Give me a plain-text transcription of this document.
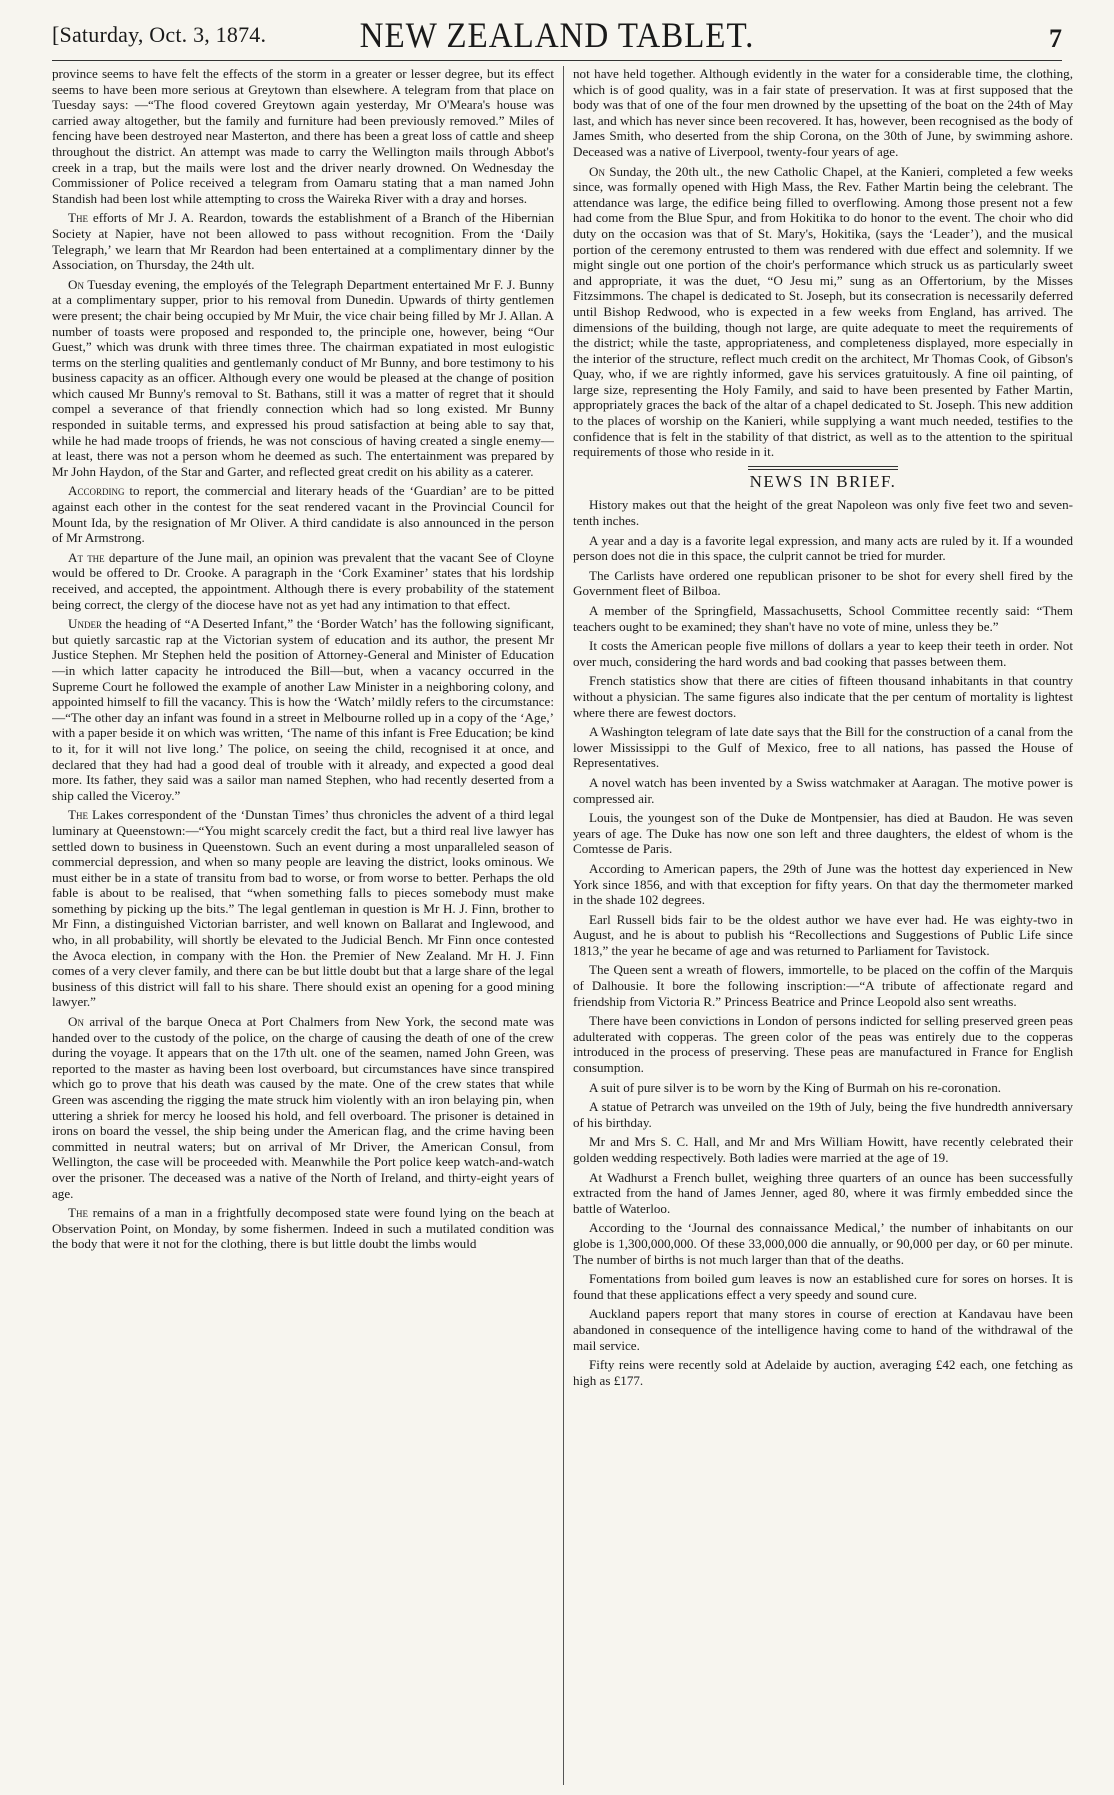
[Saturday, Oct. 3, 1874.	NEW ZEALAND TABLET.	7

province seems to have felt the effects of the storm in a greater or lesser degree, but its effect seems to have been more serious at Greytown than elsewhere. A telegram from that place on Tuesday says: —“The flood covered Greytown again yesterday, Mr O'Meara's house was carried away altogether, but the family and furniture had been previously removed.” Miles of fencing have been destroyed near Masterton, and there has been a great loss of cattle and sheep throughout the district. An attempt was made to carry the Wellington mails through Abbot's creek in a trap, but the mails were lost and the driver nearly drowned. On Wednesday the Commissioner of Police received a telegram from Oamaru stating that a man named John Standish had been lost while attempting to cross the Waireka River with a dray and horses.

The efforts of Mr J. A. Reardon, towards the establishment of a Branch of the Hibernian Society at Napier, have not been allowed to pass without recognition. From the ‘Daily Telegraph,’ we learn that Mr Reardon had been entertained at a complimentary dinner by the Association, on Thursday, the 24th ult.

On Tuesday evening, the employés of the Telegraph Department entertained Mr F. J. Bunny at a complimentary supper, prior to his removal from Dunedin. Upwards of thirty gentlemen were present; the chair being occupied by Mr Muir, the vice chair being filled by Mr J. Allan. A number of toasts were proposed and responded to, the principle one, however, being “Our Guest,” which was drunk with three times three. The chairman expatiated in most eulogistic terms on the sterling qualities and gentlemanly conduct of Mr Bunny, and bore testimony to his business capacity as an officer. Although every one would be pleased at the change of position which caused Mr Bunny's removal to St. Bathans, still it was a matter of regret that it should compel a severance of that friendly connection which had so long existed. Mr Bunny responded in suitable terms, and expressed his proud satisfaction at being able to say that, while he had made troops of friends, he was not conscious of having created a single enemy—at least, there was not a person whom he deemed as such. The entertainment was prepared by Mr John Haydon, of the Star and Garter, and reflected great credit on his ability as a caterer.

According to report, the commercial and literary heads of the ‘Guardian’ are to be pitted against each other in the contest for the seat rendered vacant in the Provincial Council for Mount Ida, by the resignation of Mr Oliver. A third candidate is also announced in the person of Mr Armstrong.

At the departure of the June mail, an opinion was prevalent that the vacant See of Cloyne would be offered to Dr. Crooke. A paragraph in the ‘Cork Examiner’ states that his lordship received, and accepted, the appointment. Although there is every probability of the statement being correct, the clergy of the diocese have not as yet had any intimation to that effect.

Under the heading of “A Deserted Infant,” the ‘Border Watch’ has the following significant, but quietly sarcastic rap at the Victorian system of education and its author, the present Mr Justice Stephen. Mr Stephen held the position of Attorney-General and Minister of Education—in which latter capacity he introduced the Bill—but, when a vacancy occurred in the Supreme Court he followed the example of another Law Minister in a neighboring colony, and appointed himself to fill the vacancy. This is how the ‘Watch’ mildly refers to the circumstance:—“The other day an infant was found in a street in Melbourne rolled up in a copy of the ‘Age,’ with a paper beside it on which was written, ‘The name of this infant is Free Education; be kind to it, for it will not live long.’ The police, on seeing the child, recognised it at once, and declared that they had had a good deal of trouble with it already, and expected a good deal more. Its father, they said was a sailor man named Stephen, who had recently deserted from a ship called the Viceroy.”

The Lakes correspondent of the ‘Dunstan Times’ thus chronicles the advent of a third legal luminary at Queenstown:—“You might scarcely credit the fact, but a third real live lawyer has settled down to business in Queenstown. Such an event during a most unparalleled season of commercial depression, and when so many people are leaving the district, looks ominous. We must either be in a state of transitu from bad to worse, or from worse to better. Perhaps the old fable is about to be realised, that “when something falls to pieces somebody must make something by picking up the bits.” The legal gentleman in question is Mr H. J. Finn, brother to Mr Finn, a distinguished Victorian barrister, and well known on Ballarat and Inglewood, and who, in all probability, will shortly be elevated to the Judicial Bench. Mr Finn once contested the Avoca election, in company with the Hon. the Premier of New Zealand. Mr H. J. Finn comes of a very clever family, and there can be but little doubt but that a large share of the legal business of this district will fall to his share. There should exist an opening for a good mining lawyer.”

On arrival of the barque Oneca at Port Chalmers from New York, the second mate was handed over to the custody of the police, on the charge of causing the death of one of the crew during the voyage. It appears that on the 17th ult. one of the seamen, named John Green, was reported to the master as having been lost overboard, but circumstances have since transpired which go to prove that his death was caused by the mate. One of the crew states that while Green was ascending the rigging the mate struck him violently with an iron belaying pin, when uttering a shriek for mercy he loosed his hold, and fell overboard. The prisoner is detained in irons on board the vessel, the ship being under the American flag, and the crime having been committed in neutral waters; but on arrival of Mr Driver, the American Consul, from Wellington, the case will be proceeded with. Meanwhile the Port police keep watch-and-watch over the prisoner. The deceased was a native of the North of Ireland, and thirty-eight years of age.

The remains of a man in a frightfully decomposed state were found lying on the beach at Observation Point, on Monday, by some fishermen. Indeed in such a mutilated condition was the body that were it not for the clothing, there is but little doubt the limbs would

not have held together. Although evidently in the water for a considerable time, the clothing, which is of good quality, was in a fair state of preservation. It was at first supposed that the body was that of one of the four men drowned by the upsetting of the boat on the 24th of May last, and which has never since been recovered. It has, however, been recognised as the body of James Smith, who deserted from the ship Corona, on the 30th of June, by swimming ashore. Deceased was a native of Liverpool, twenty-four years of age.

On Sunday, the 20th ult., the new Catholic Chapel, at the Kanieri, completed a few weeks since, was formally opened with High Mass, the Rev. Father Martin being the celebrant. The attendance was large, the edifice being filled to overflowing. Among those present not a few had come from the Blue Spur, and from Hokitika to do honor to the event. The choir who did duty on the occasion was that of St. Mary's, Hokitika, (says the ‘Leader’), and the musical portion of the ceremony entrusted to them was rendered with due effect and solemnity. If we might single out one portion of the choir's performance which struck us as particularly sweet and appropriate, it was the duet, “O Jesu mi,” sung as an Offertorium, by the Misses Fitzsimmons. The chapel is dedicated to St. Joseph, but its consecration is necessarily deferred until Bishop Redwood, who is expected in a few weeks from England, has arrived. The dimensions of the building, though not large, are quite adequate to meet the requirements of the district; while the taste, appropriateness, and completeness displayed, more especially in the interior of the structure, reflect much credit on the architect, Mr Thomas Cook, of Gibson's Quay, who, if we are rightly informed, gave his services gratuitously. A fine oil painting, of large size, representing the Holy Family, and said to have been presented by Father Martin, appropriately graces the back of the altar of a chapel dedicated to St. Joseph. This new addition to the places of worship on the Kanieri, while supplying a want much needed, testifies to the confidence that is felt in the stability of that district, as well as to the attention to the spiritual requirements of those who reside in it.

NEWS IN BRIEF.

History makes out that the height of the great Napoleon was only five feet two and seven-tenth inches.

A year and a day is a favorite legal expression, and many acts are ruled by it. If a wounded person does not die in this space, the culprit cannot be tried for murder.

The Carlists have ordered one republican prisoner to be shot for every shell fired by the Government fleet of Bilboa.

A member of the Springfield, Massachusetts, School Committee recently said: “Them teachers ought to be examined; they shan't have no vote of mine, unless they be.”

It costs the American people five millons of dollars a year to keep their teeth in order. Not over much, considering the hard words and bad cooking that passes between them.

French statistics show that there are cities of fifteen thousand inhabitants in that country without a physician. The same figures also indicate that the per centum of mortality is lightest where there are fewest doctors.

A Washington telegram of late date says that the Bill for the construction of a canal from the lower Mississippi to the Gulf of Mexico, free to all nations, has passed the House of Representatives.

A novel watch has been invented by a Swiss watchmaker at Aaragan. The motive power is compressed air.

Louis, the youngest son of the Duke de Montpensier, has died at Baudon. He was seven years of age. The Duke has now one son left and three daughters, the eldest of whom is the Comtesse de Paris.

According to American papers, the 29th of June was the hottest day experienced in New York since 1856, and with that exception for fifty years. On that day the thermometer marked in the shade 102 degrees.

Earl Russell bids fair to be the oldest author we have ever had. He was eighty-two in August, and he is about to publish his “Recollections and Suggestions of Public Life since 1813,” the year he became of age and was returned to Parliament for Tavistock.

The Queen sent a wreath of flowers, immortelle, to be placed on the coffin of the Marquis of Dalhousie. It bore the following inscription:—“A tribute of affectionate regard and friendship from Victoria R.” Princess Beatrice and Prince Leopold also sent wreaths.

There have been convictions in London of persons indicted for selling preserved green peas adulterated with copperas. The green color of the peas was entirely due to the copperas introduced in the process of preserving. These peas are manufactured in France for English consumption.

A suit of pure silver is to be worn by the King of Burmah on his re-coronation.

A statue of Petrarch was unveiled on the 19th of July, being the five hundredth anniversary of his birthday.

Mr and Mrs S. C. Hall, and Mr and Mrs William Howitt, have recently celebrated their golden wedding respectively. Both ladies were married at the age of 19.

At Wadhurst a French bullet, weighing three quarters of an ounce has been successfully extracted from the hand of James Jenner, aged 80, where it was firmly embedded since the battle of Waterloo.

According to the ‘Journal des connaissance Medical,’ the number of inhabitants on our globe is 1,300,000,000. Of these 33,000,000 die annually, or 90,000 per day, or 60 per minute. The number of births is not much larger than that of the deaths.

Fomentations from boiled gum leaves is now an established cure for sores on horses. It is found that these applications effect a very speedy and sound cure.

Auckland papers report that many stores in course of erection at Kandavau have been abandoned in consequence of the intelligence having come to hand of the withdrawal of the mail service.

Fifty reins were recently sold at Adelaide by auction, averaging £42 each, one fetching as high as £177.
